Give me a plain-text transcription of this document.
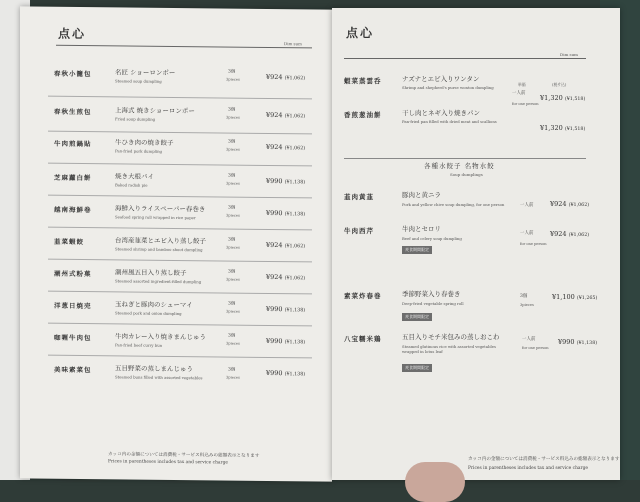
点心
Dim sum
春秋小籠包	名匠 ショーロンポー
Steamed soup dumpling
3個
3pieces	¥924 (¥1,062)
春秋生煎包	上海式 焼きショーロンポー
Fried soup dumpling
3個
3pieces	¥924 (¥1,062)
牛肉煎鍋貼	牛ひき肉の焼き餃子
Pan-fried pork dumpling
3個
3pieces	¥924 (¥1,062)
芝麻蘿白餅	焼き大根パイ
Baked radish pie
3個
3pieces	¥990 (¥1,138)
越南海鮮卷	海鮮入りライスペーパー春巻き
Seafood spring roll wrapped in rice paper
3個
3pieces	¥990 (¥1,138)
韮菜蝦餃	台湾産韮菜とエビ入り蒸し餃子
Steamed shrimp and bamboo shoot dumpling
3個
3pieces	¥924 (¥1,062)
潮州式粉菓	潮州風五目入り蒸し餃子
Steamed assorted ingredient-filled dumpling
3個
3pieces	¥924 (¥1,062)
洋葱日焼売	玉ねぎと豚肉のシューマイ
Steamed pork and onion dumpling
3個
3pieces	¥990 (¥1,138)
咖喱牛肉包	牛肉カレー入り焼きまんじゅう
Pan-fried beef curry bun
3個
3pieces	¥990 (¥1,138)
美味素菜包	五目野菜の蒸しまんじゅう
Steamed buns filled with assorted vegetables
3個
3pieces
¥990 (¥1,138)
カッコ内の金額については消費税・サービス料込みの総額表示となります
Prices in parentheses includes tax and service charge
点心
Dim sum
蝦菜蒸雲呑	ナズナとエビ入りワンタン
Shrimp and shepherd's purse wonton dumpling
単価	(税サ込)
一人前
for one person
¥1,320 (¥1,518)
香煎葱油餅	干し肉とネギ入り焼きパン
Pan-fried pan filled with dried meat and scallions
¥1,320 (¥1,518)
各種水餃子 名物水餃
Soup dumplings
韮肉黄韮	豚肉と黄ニラ
Pork and yellow chive soup dumpling, for one person	一人前	¥924 (¥1,062)
牛肉西芹	牛肉とセロリ
Beef and celery soup dumpling
麦食期間限定
一人前
for one person
¥924 (¥1,062)
素菜炸春巻	季節野菜入り春巻き
Deep-fried vegetable spring roll
麦食期間限定
3個
3pieces
¥1,100 (¥1,265)
八宝糯米鶏	五目入りモチ米包みの蒸しおこわ
Steamed glutinous rice with assorted vegetables wrapped in lotus leaf
麦食期間限定
一人前
for one person
¥990 (¥1,138)
カッコ内の金額については消費税・サービス料込みの総額表示となります
Prices in parentheses includes tax and service charge
